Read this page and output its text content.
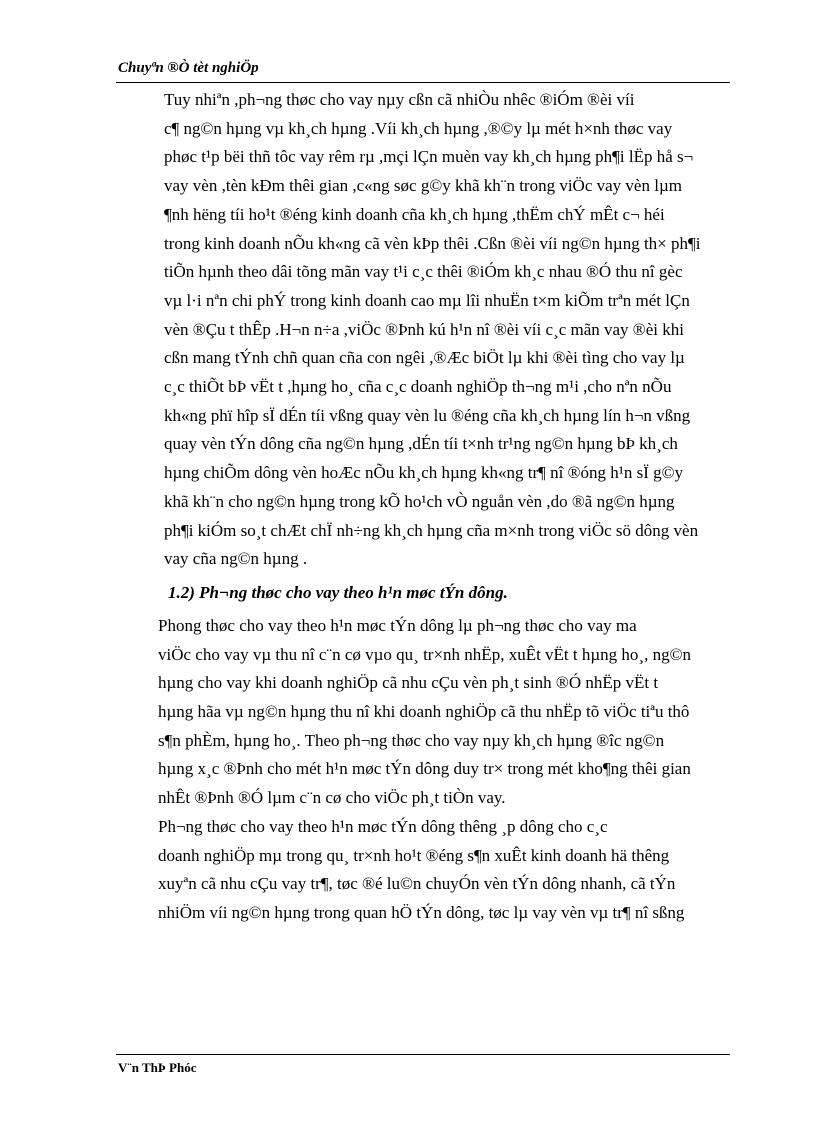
Chuyªn ®Ò tèt nghiÖp

Tuy nhiªn ,ph¬ng thøc cho vay nµy cßn cã nhiÒu nhêc ®iÓm ®èi víi
c¶ ng©n hµng vµ kh¸ch hµng .Víi kh¸ch hµng ,®©y lµ mét h×nh thøc vay
phøc t¹p bëi thñ tôc vay rêm rµ ,mçi lÇn muèn vay kh¸ch hµng ph¶i lËp hå s¬
vay vèn ,tèn kÐm thêi gian ,c«ng søc g©y khã kh¨n trong viÖc vay vèn lµm
¶nh hëng tíi ho¹t ®éng kinh doanh cña kh¸ch hµng ,thËm chÝ mÊt c¬ héi
trong kinh doanh nÕu kh«ng cã vèn kÞp thêi .Cßn ®èi víi ng©n hµng th× ph¶i
tiÕn hµnh theo dâi tõng mãn vay t¹i c¸c thêi ®iÓm kh¸c nhau ®Ó thu nî gèc
vµ l·i nªn chi phÝ trong kinh doanh cao mµ lîi nhuËn t×m kiÕm trªn mét lÇn
vèn ®Çu t thÊp .H¬n n÷a ,viÖc ®Þnh kú h¹n nî ®èi víi c¸c mãn vay ®èi khi
cßn mang tÝnh chñ quan cña con ngêi ,®Æc biÖt lµ khi ®èi tìng cho vay lµ
c¸c thiÕt bÞ vËt t ,hµng ho¸ cña c¸c doanh nghiÖp th¬ng m¹i ,cho nªn nÕu
kh«ng phï hîp sÏ dÉn tíi vßng quay vèn lu ®éng cña kh¸ch hµng lín h¬n vßng
quay vèn tÝn dông cña ng©n hµng ,dÉn tíi t×nh tr¹ng ng©n hµng bÞ kh¸ch
hµng chiÕm dông vèn hoÆc nÕu kh¸ch hµng kh«ng tr¶ nî ®óng h¹n sÏ g©y
khã kh¨n cho ng©n hµng trong kÕ ho¹ch vÒ nguån vèn ,do ®ã ng©n hµng
ph¶i kiÓm so¸t chÆt chÏ nh÷ng kh¸ch hµng cña m×nh trong viÖc sö dông vèn
vay cña ng©n hµng .

1.2) Ph¬ng thøc cho vay theo h¹n møc tÝn dông.

Phong thøc cho vay theo h¹n møc tÝn dông lµ ph¬ng thøc cho vay ma
viÖc cho vay vµ thu nî c¨n cø vµo qu¸ tr×nh nhËp, xuÊt vËt t hµng ho¸, ng©n
hµng cho vay khi doanh nghiÖp cã nhu cÇu vèn ph¸t sinh ®Ó nhËp vËt t
hµng hãa vµ ng©n hµng thu nî khi doanh nghiÖp cã thu nhËp tõ viÖc tiªu thô
s¶n phÈm, hµng ho¸. Theo ph¬ng thøc cho vay nµy kh¸ch hµng ®îc ng©n
hµng x¸c ®Þnh cho mét h¹n møc tÝn dông duy tr× trong mét kho¶ng thêi gian
nhÊt ®Þnh ®Ó lµm c¨n cø cho viÖc ph¸t tiÒn vay.

Ph¬ng thøc cho vay theo h¹n møc tÝn dông thêng ¸p dông cho c¸c
doanh nghiÖp mµ trong qu¸ tr×nh ho¹t ®éng s¶n xuÊt kinh doanh hä thêng
xuyªn cã nhu cÇu vay tr¶, tøc ®é lu©n chuyÓn vèn tÝn dông nhanh, cã tÝn
nhiÖm víi ng©n hµng trong quan hÖ tÝn dông, tøc lµ vay vèn vµ tr¶ nî sßng

V¨n ThÞ Phóc
